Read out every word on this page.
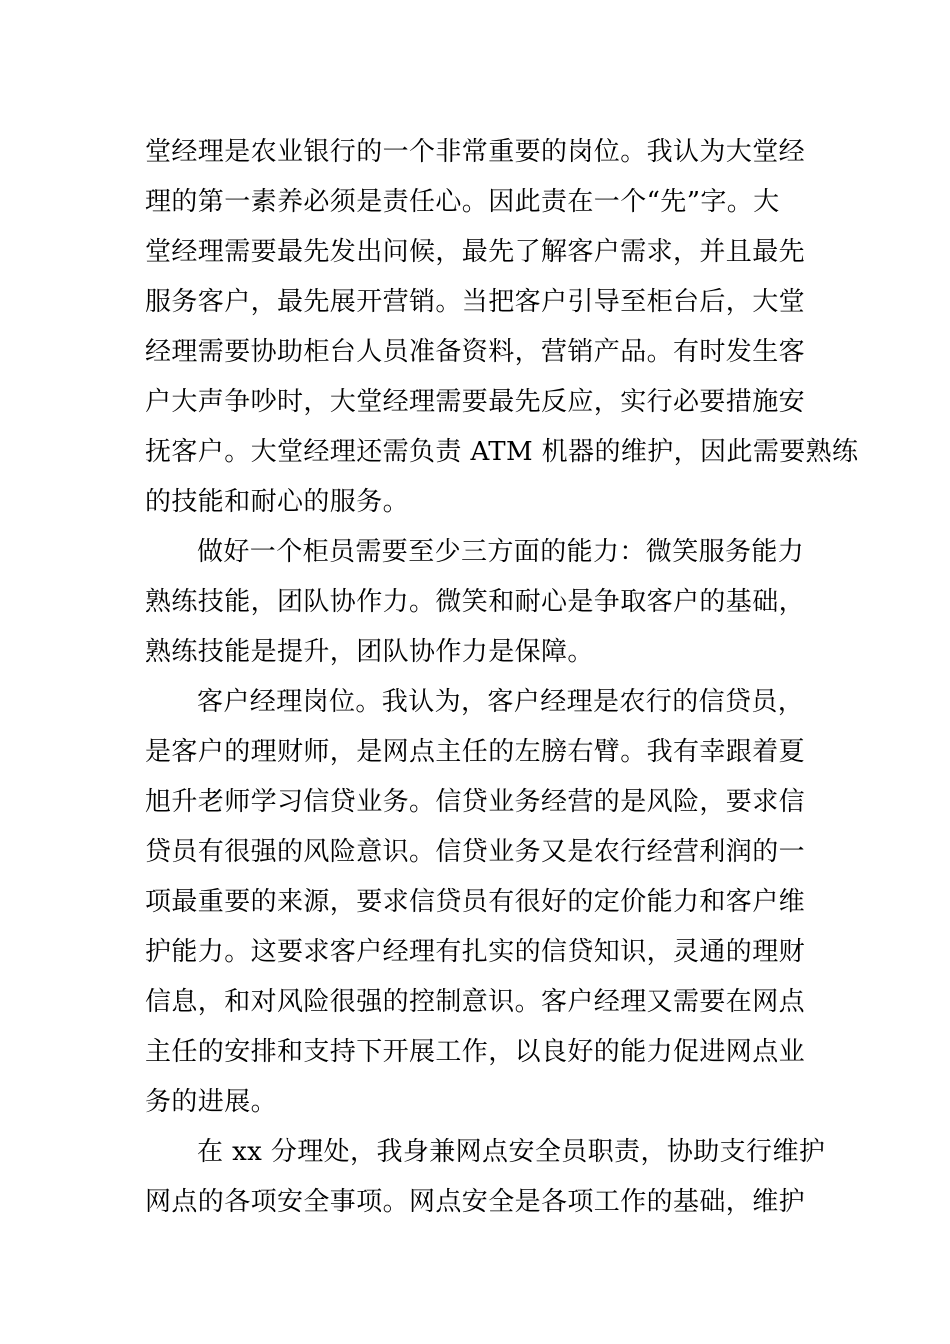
堂经理是农业银行的一个非常重要的岗位。我认为大堂经
理的第一素养必须是责任心。因此责在一个“先”字。大
堂经理需要最先发出问候，最先了解客户需求，并且最先
服务客户，最先展开营销。当把客户引导至柜台后，大堂
经理需要协助柜台人员准备资料，营销产品。有时发生客
户大声争吵时，大堂经理需要最先反应，实行必要措施安
抚客户。大堂经理还需负责 ATM 机器的维护，因此需要熟练
的技能和耐心的服务。

做好一个柜员需要至少三方面的能力：微笑服务能力
熟练技能，团队协作力。微笑和耐心是争取客户的基础，
熟练技能是提升，团队协作力是保障。

客户经理岗位。我认为，客户经理是农行的信贷员，
是客户的理财师，是网点主任的左膀右臂。我有幸跟着夏
旭升老师学习信贷业务。信贷业务经营的是风险，要求信
贷员有很强的风险意识。信贷业务又是农行经营利润的一
项最重要的来源，要求信贷员有很好的定价能力和客户维
护能力。这要求客户经理有扎实的信贷知识，灵通的理财
信息，和对风险很强的控制意识。客户经理又需要在网点
主任的安排和支持下开展工作，以良好的能力促进网点业
务的进展。

在 xx 分理处，我身兼网点安全员职责，协助支行维护
网点的各项安全事项。网点安全是各项工作的基础，维护
